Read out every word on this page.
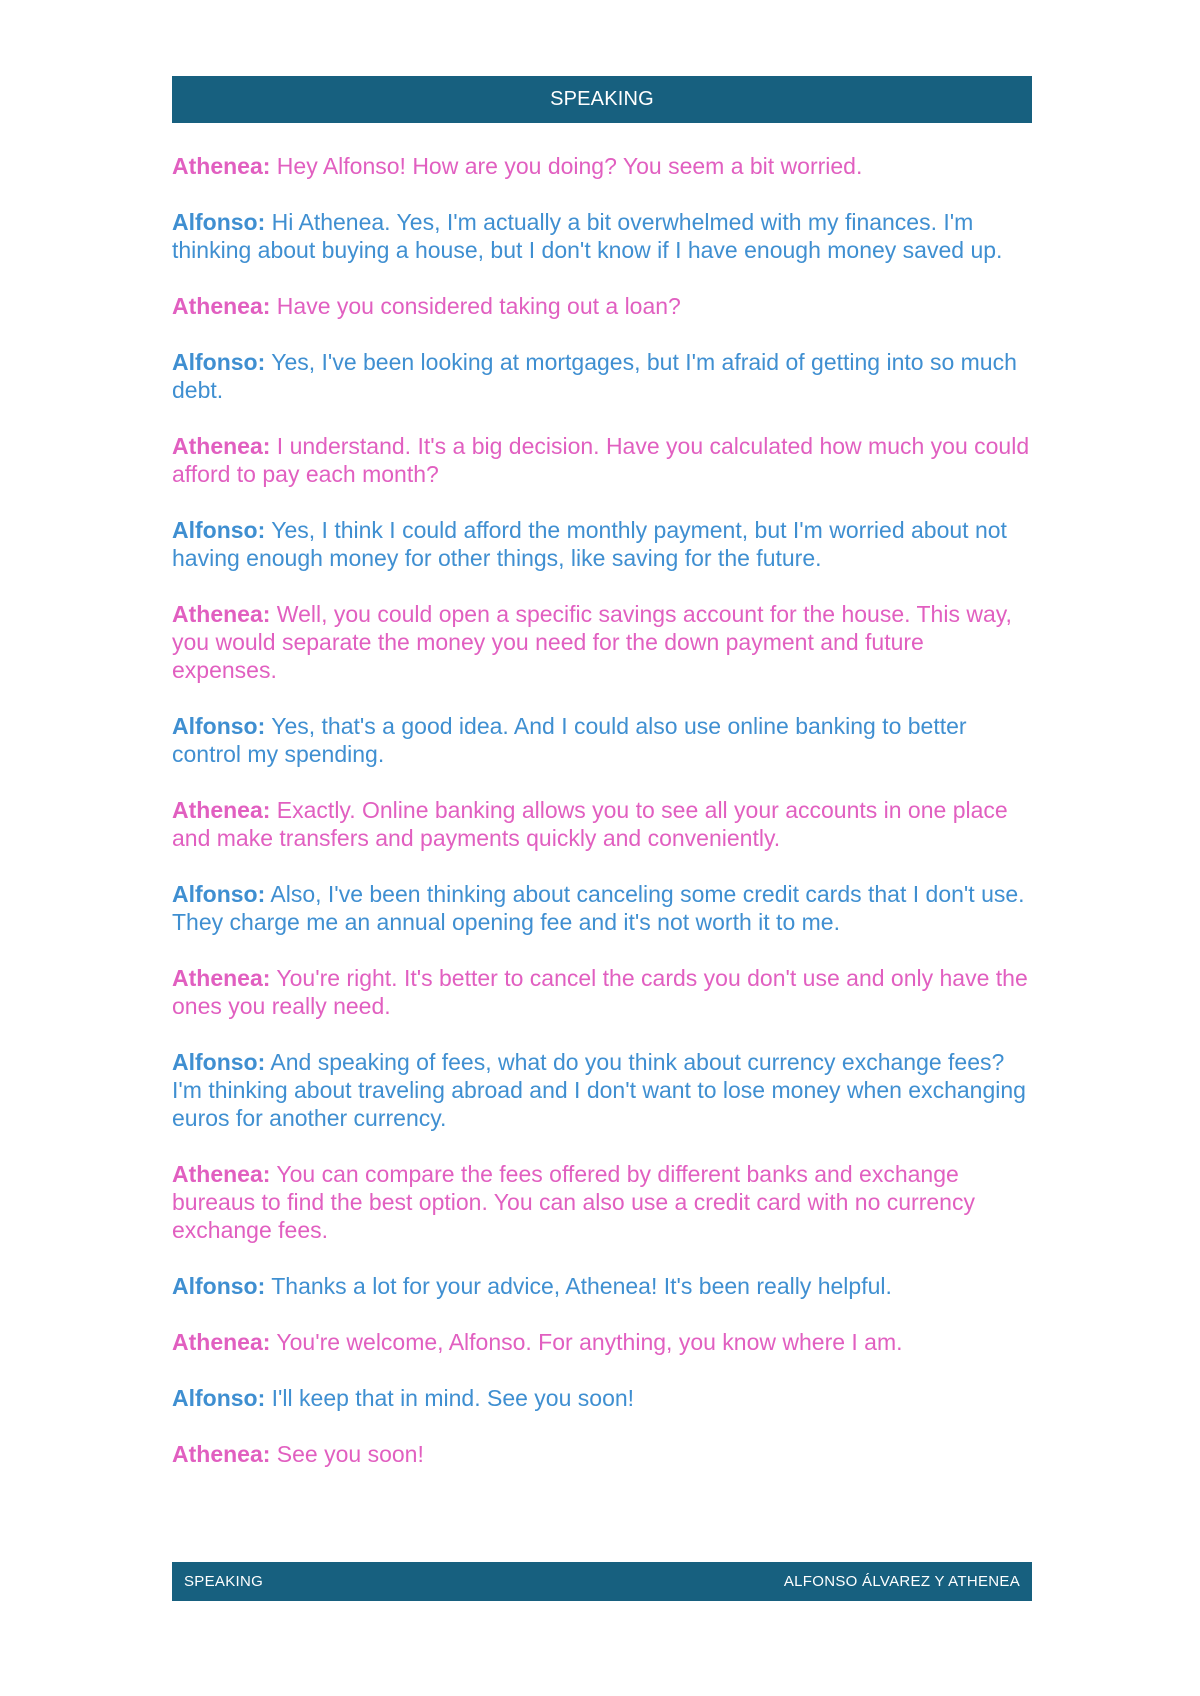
SPEAKING

Athenea: Hey Alfonso! How are you doing? You seem a bit worried.

Alfonso: Hi Athenea. Yes, I'm actually a bit overwhelmed with my finances. I'm thinking about buying a house, but I don't know if I have enough money saved up.

Athenea: Have you considered taking out a loan?

Alfonso: Yes, I've been looking at mortgages, but I'm afraid of getting into so much debt.

Athenea: I understand. It's a big decision. Have you calculated how much you could afford to pay each month?

Alfonso: Yes, I think I could afford the monthly payment, but I'm worried about not having enough money for other things, like saving for the future.

Athenea: Well, you could open a specific savings account for the house. This way, you would separate the money you need for the down payment and future expenses.

Alfonso: Yes, that's a good idea. And I could also use online banking to better control my spending.

Athenea: Exactly. Online banking allows you to see all your accounts in one place and make transfers and payments quickly and conveniently.

Alfonso: Also, I've been thinking about canceling some credit cards that I don't use. They charge me an annual opening fee and it's not worth it to me.

Athenea: You're right. It's better to cancel the cards you don't use and only have the ones you really need.

Alfonso: And speaking of fees, what do you think about currency exchange fees? I'm thinking about traveling abroad and I don't want to lose money when exchanging euros for another currency.

Athenea: You can compare the fees offered by different banks and exchange bureaus to find the best option. You can also use a credit card with no currency exchange fees.

Alfonso: Thanks a lot for your advice, Athenea! It's been really helpful.

Athenea: You're welcome, Alfonso. For anything, you know where I am.

Alfonso: I'll keep that in mind. See you soon!

Athenea: See you soon!

SPEAKING	ALFONSO ÁLVAREZ Y ATHENEA
